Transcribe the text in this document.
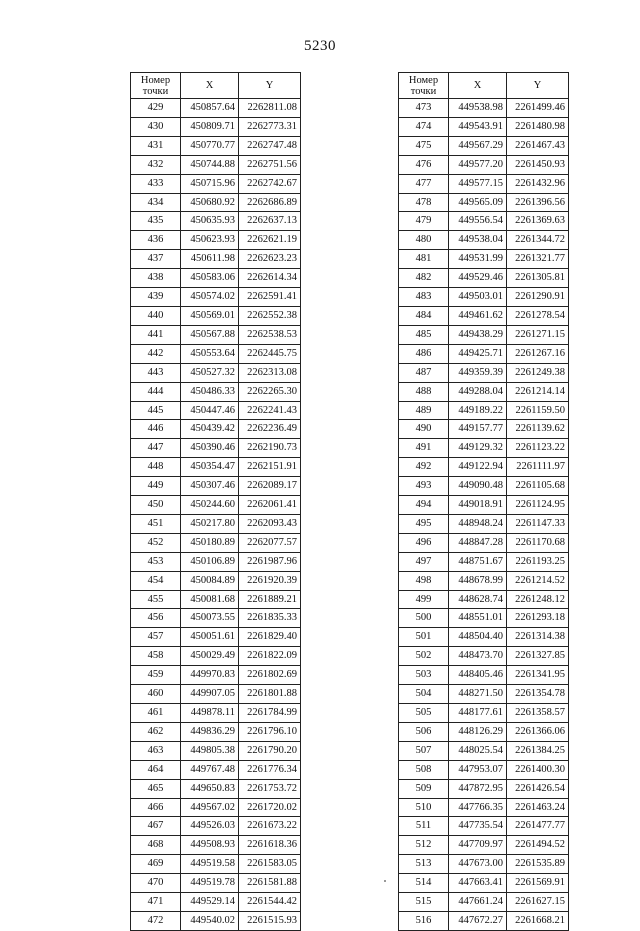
5230
Номер точки	X	Y
429	450857.64	2262811.08
430	450809.71	2262773.31
431	450770.77	2262747.48
432	450744.88	2262751.56
433	450715.96	2262742.67
434	450680.92	2262686.89
435	450635.93	2262637.13
436	450623.93	2262621.19
437	450611.98	2262623.23
438	450583.06	2262614.34
439	450574.02	2262591.41
440	450569.01	2262552.38
441	450567.88	2262538.53
442	450553.64	2262445.75
443	450527.32	2262313.08
444	450486.33	2262265.30
445	450447.46	2262241.43
446	450439.42	2262236.49
447	450390.46	2262190.73
448	450354.47	2262151.91
449	450307.46	2262089.17
450	450244.60	2262061.41
451	450217.80	2262093.43
452	450180.89	2262077.57
453	450106.89	2261987.96
454	450084.89	2261920.39
455	450081.68	2261889.21
456	450073.55	2261835.33
457	450051.61	2261829.40
458	450029.49	2261822.09
459	449970.83	2261802.69
460	449907.05	2261801.88
461	449878.11	2261784.99
462	449836.29	2261796.10
463	449805.38	2261790.20
464	449767.48	2261776.34
465	449650.83	2261753.72
466	449567.02	2261720.02
467	449526.03	2261673.22
468	449508.93	2261618.36
469	449519.58	2261583.05
470	449519.78	2261581.88
471	449529.14	2261544.42
472	449540.02	2261515.93
Номер точки	X	Y
473	449538.98	2261499.46
474	449543.91	2261480.98
475	449567.29	2261467.43
476	449577.20	2261450.93
477	449577.15	2261432.96
478	449565.09	2261396.56
479	449556.54	2261369.63
480	449538.04	2261344.72
481	449531.99	2261321.77
482	449529.46	2261305.81
483	449503.01	2261290.91
484	449461.62	2261278.54
485	449438.29	2261271.15
486	449425.71	2261267.16
487	449359.39	2261249.38
488	449288.04	2261214.14
489	449189.22	2261159.50
490	449157.77	2261139.62
491	449129.32	2261123.22
492	449122.94	2261111.97
493	449090.48	2261105.68
494	449018.91	2261124.95
495	448948.24	2261147.33
496	448847.28	2261170.68
497	448751.67	2261193.25
498	448678.99	2261214.52
499	448628.74	2261248.12
500	448551.01	2261293.18
501	448504.40	2261314.38
502	448473.70	2261327.85
503	448405.46	2261341.95
504	448271.50	2261354.78
505	448177.61	2261358.57
506	448126.29	2261366.06
507	448025.54	2261384.25
508	447953.07	2261400.30
509	447872.95	2261426.54
510	447766.35	2261463.24
511	447735.54	2261477.77
512	447709.97	2261494.52
513	447673.00	2261535.89
514	447663.41	2261569.91
515	447661.24	2261627.15
516	447672.27	2261668.21
